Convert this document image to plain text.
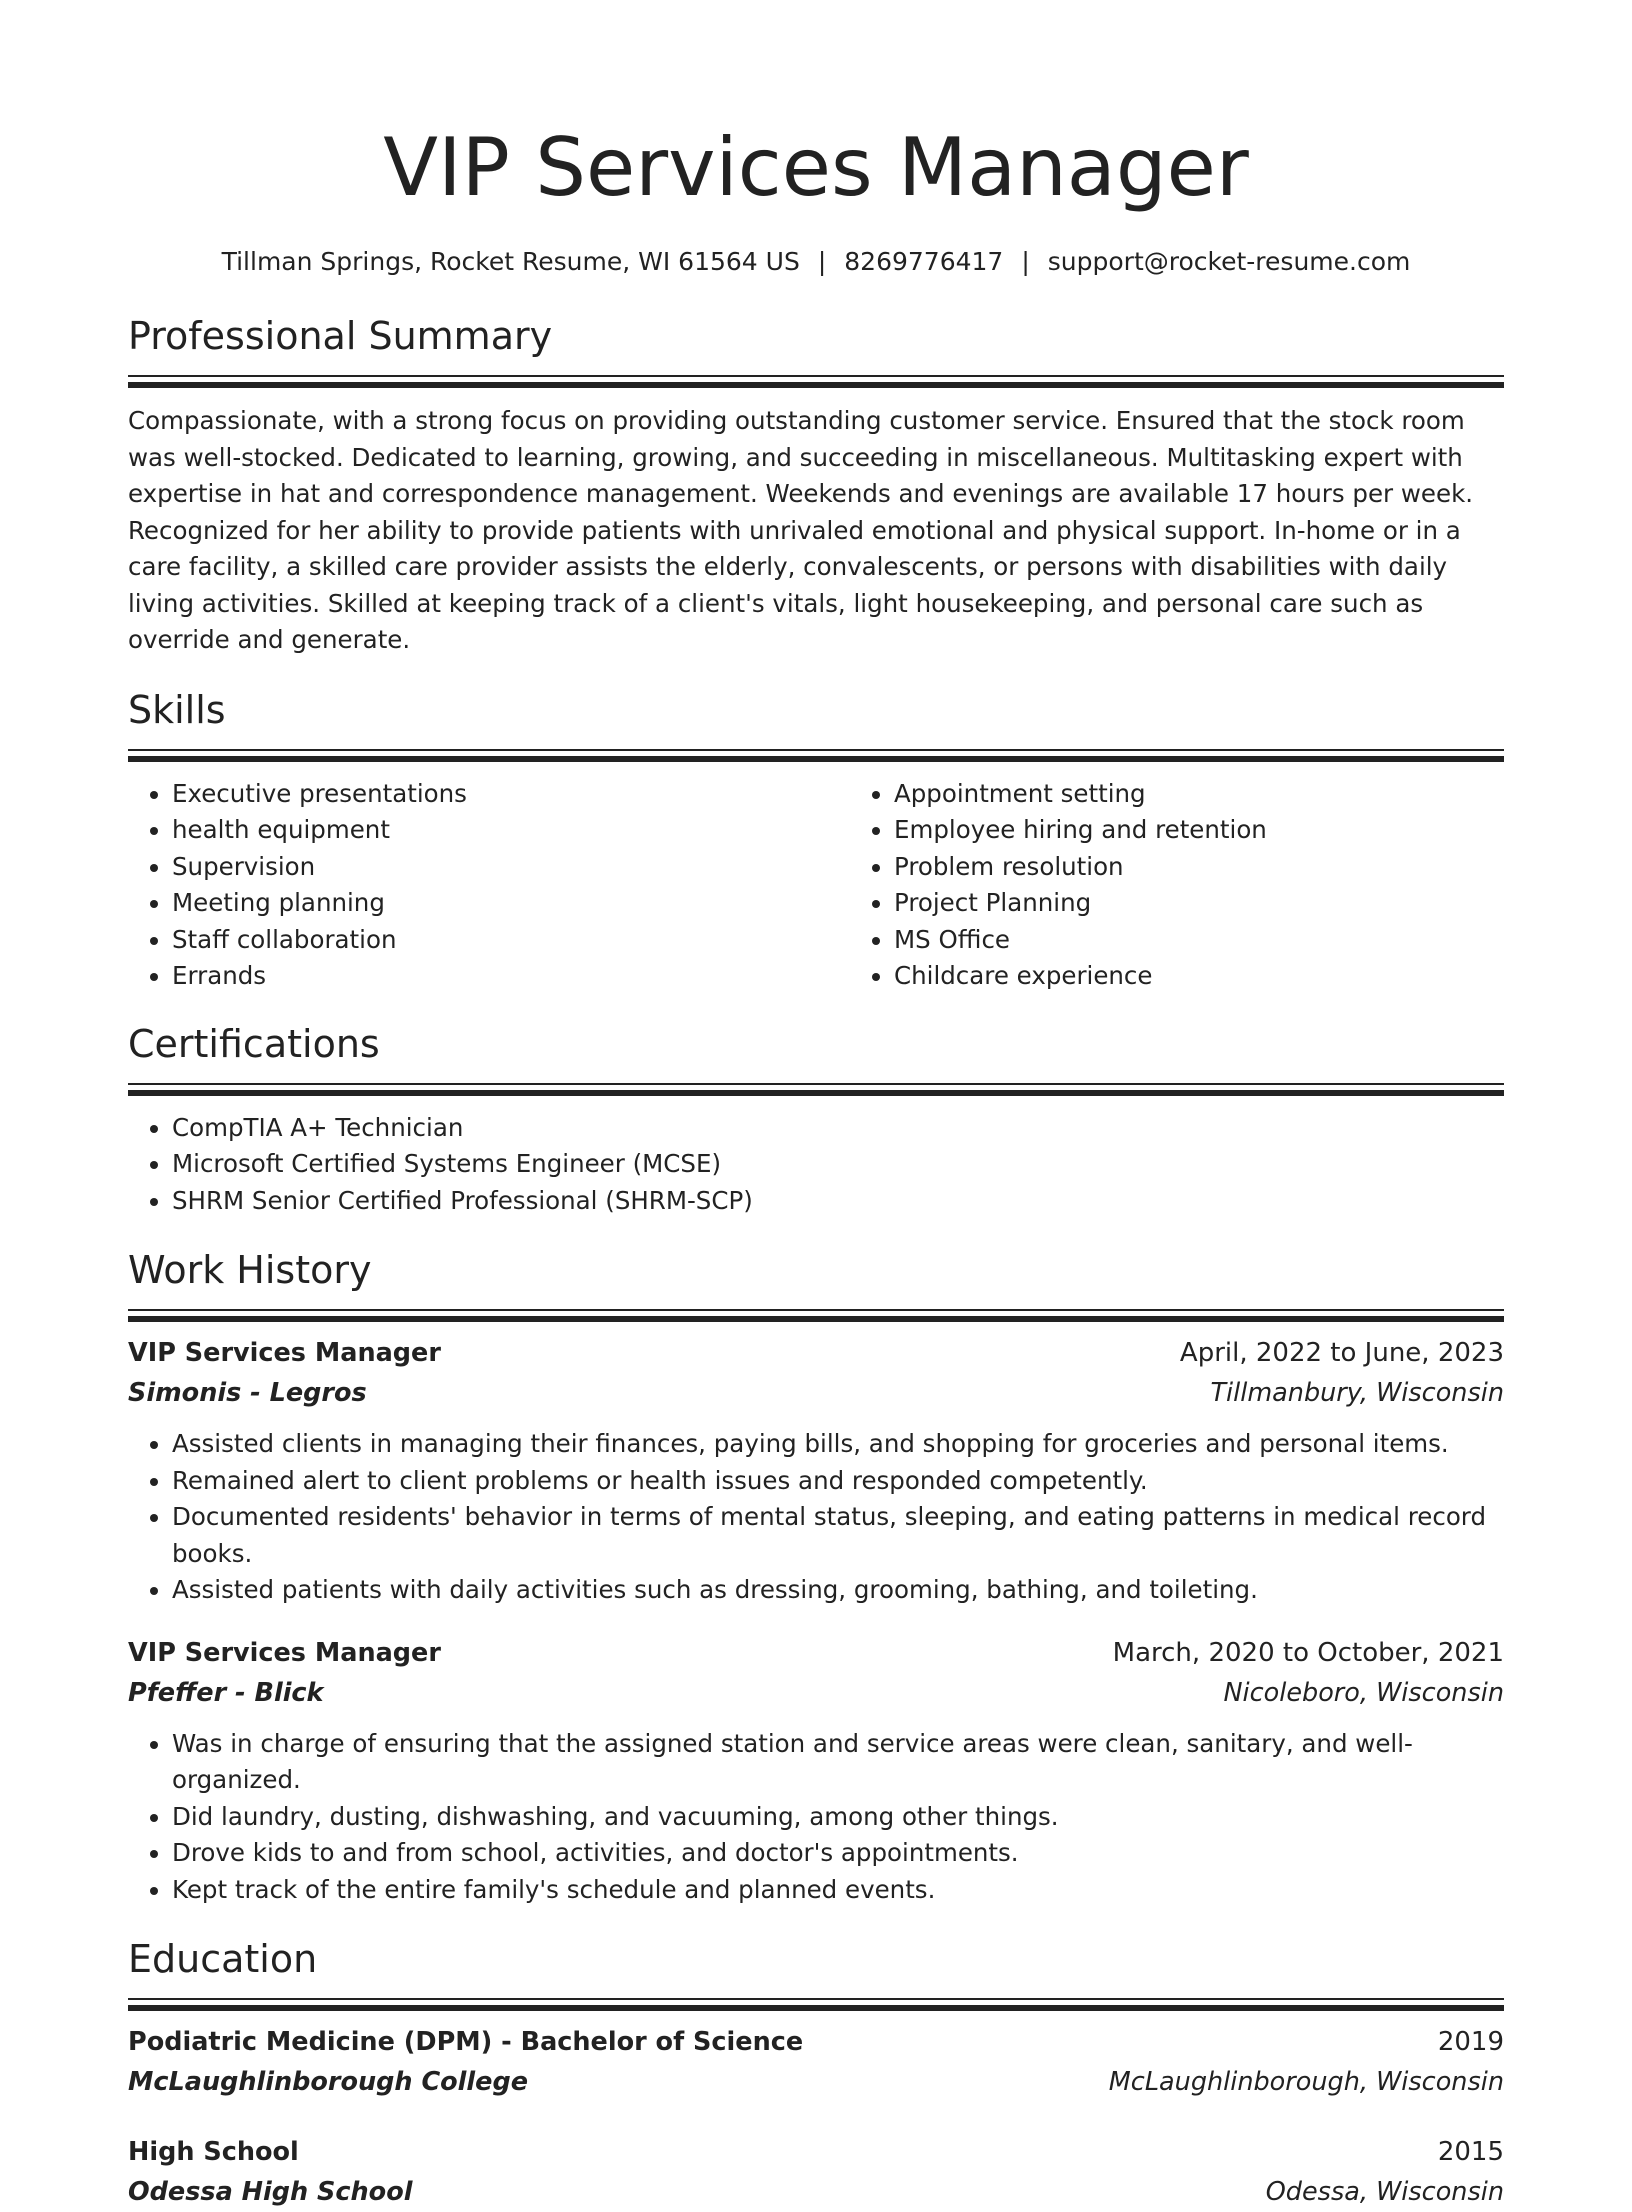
VIP Services Manager
Tillman Springs, Rocket Resume, WI 61564 US | 8269776417 | support@rocket-resume.com
Professional Summary

Compassionate, with a strong focus on providing outstanding customer service. Ensured that the stock room was well-stocked. Dedicated to learning, growing, and succeeding in miscellaneous. Multitasking expert with expertise in hat and correspondence management. Weekends and evenings are available 17 hours per week. Recognized for her ability to provide patients with unrivaled emotional and physical support. In-home or in a care facility, a skilled care provider assists the elderly, convalescents, or persons with disabilities with daily living activities. Skilled at keeping track of a client's vitals, light housekeeping, and personal care such as override and generate.

Skills
• Executive presentations
• health equipment
• Supervision
• Meeting planning
• Staff collaboration
• Errands
• Appointment setting
• Employee hiring and retention
• Problem resolution
• Project Planning
• MS Office
• Childcare experience
Certifications
• CompTIA A+ Technician
• Microsoft Certified Systems Engineer (MCSE)
• SHRM Senior Certified Professional (SHRM-SCP)
Work History
VIP Services Manager	April, 2022 to June, 2023
Simonis - Legros	Tillmanbury, Wisconsin
• Assisted clients in managing their finances, paying bills, and shopping for groceries and personal items.
• Remained alert to client problems or health issues and responded competently.
• Documented residents' behavior in terms of mental status, sleeping, and eating patterns in medical record books.
• Assisted patients with daily activities such as dressing, grooming, bathing, and toileting.
VIP Services Manager	March, 2020 to October, 2021
Pfeffer - Blick	Nicoleboro, Wisconsin
• Was in charge of ensuring that the assigned station and service areas were clean, sanitary, and well-organized.
• Did laundry, dusting, dishwashing, and vacuuming, among other things.
• Drove kids to and from school, activities, and doctor's appointments.
• Kept track of the entire family's schedule and planned events.
Education
Podiatric Medicine (DPM) - Bachelor of Science	2019
McLaughlinborough College	McLaughlinborough, Wisconsin
High School	2015
Odessa High School	Odessa, Wisconsin
